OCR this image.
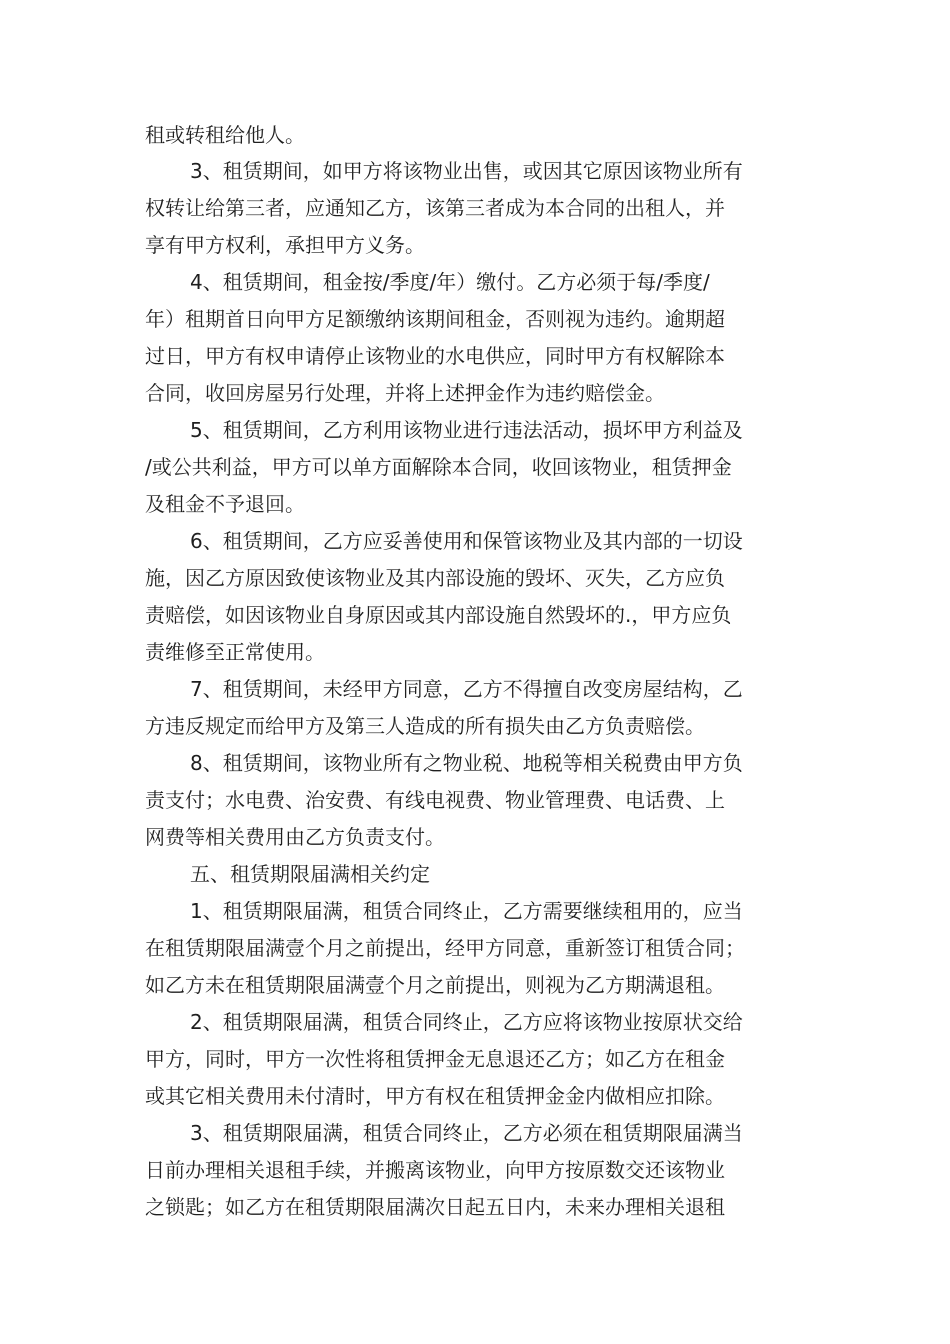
租或转租给他人。
3、租赁期间，如甲方将该物业出售，或因其它原因该物业所有
权转让给第三者，应通知乙方，该第三者成为本合同的出租人，并
享有甲方权利，承担甲方义务。
4、租赁期间，租金按/季度/年）缴付。乙方必须于每/季度/
年）租期首日向甲方足额缴纳该期间租金，否则视为违约。逾期超
过日，甲方有权申请停止该物业的水电供应，同时甲方有权解除本
合同，收回房屋另行处理，并将上述押金作为违约赔偿金。
5、租赁期间，乙方利用该物业进行违法活动，损坏甲方利益及
/或公共利益，甲方可以单方面解除本合同，收回该物业，租赁押金
及租金不予退回。
6、租赁期间，乙方应妥善使用和保管该物业及其内部的一切设
施，因乙方原因致使该物业及其内部设施的毁坏、灭失，乙方应负
责赔偿，如因该物业自身原因或其内部设施自然毁坏的.，甲方应负
责维修至正常使用。
7、租赁期间，未经甲方同意，乙方不得擅自改变房屋结构，乙
方违反规定而给甲方及第三人造成的所有损失由乙方负责赔偿。
8、租赁期间，该物业所有之物业税、地税等相关税费由甲方负
责支付；水电费、治安费、有线电视费、物业管理费、电话费、上
网费等相关费用由乙方负责支付。
五、租赁期限届满相关约定
1、租赁期限届满，租赁合同终止，乙方需要继续租用的，应当
在租赁期限届满壹个月之前提出，经甲方同意，重新签订租赁合同；
如乙方未在租赁期限届满壹个月之前提出，则视为乙方期满退租。
2、租赁期限届满，租赁合同终止，乙方应将该物业按原状交给
甲方，同时，甲方一次性将租赁押金无息退还乙方；如乙方在租金
或其它相关费用未付清时，甲方有权在租赁押金金内做相应扣除。
3、租赁期限届满，租赁合同终止，乙方必须在租赁期限届满当
日前办理相关退租手续，并搬离该物业，向甲方按原数交还该物业
之锁匙；如乙方在租赁期限届满次日起五日内，未来办理相关退租
